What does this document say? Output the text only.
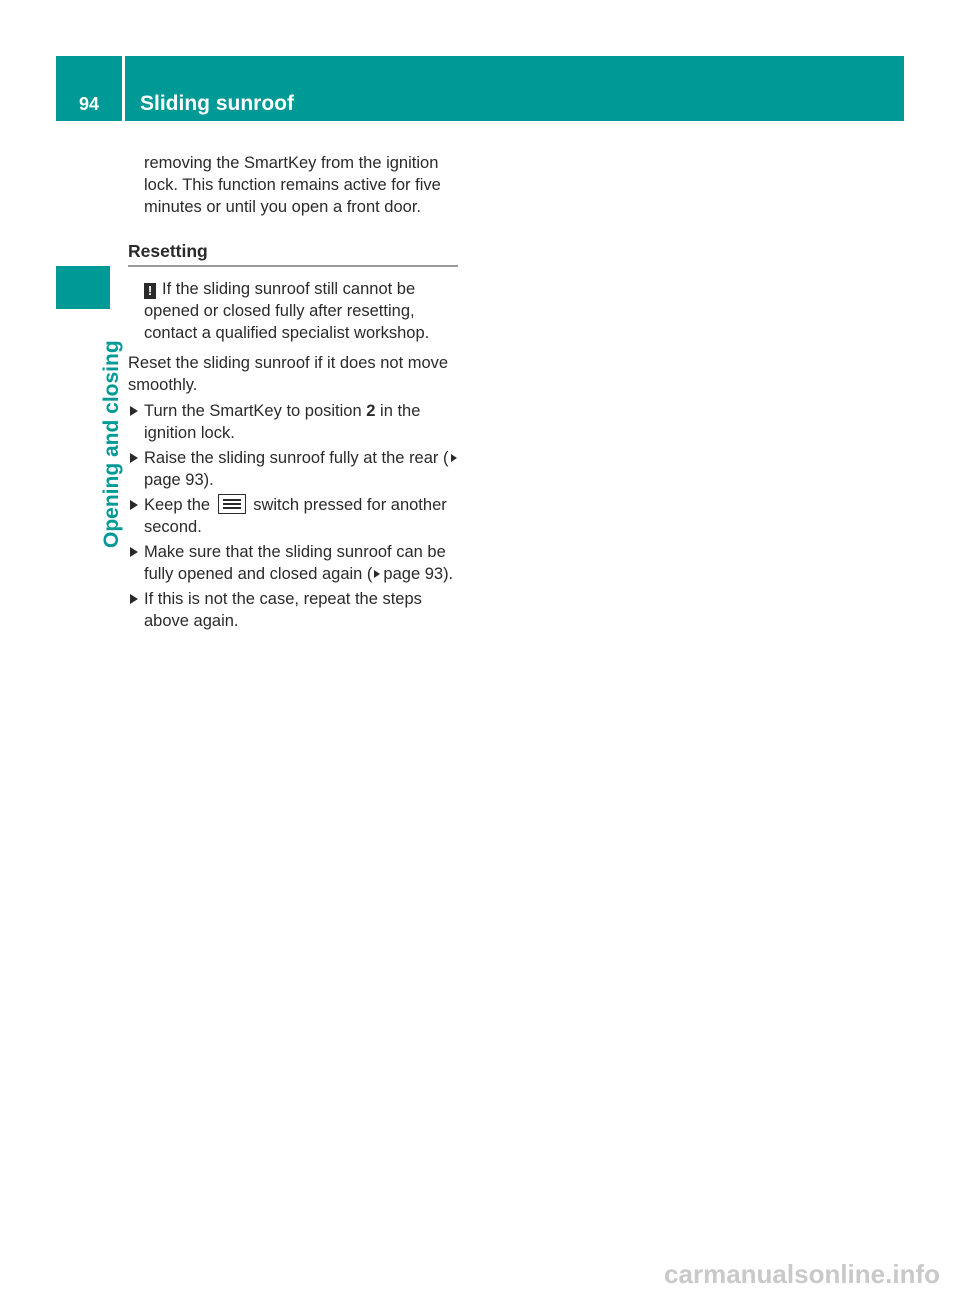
94	Sliding sunroof
Opening and closing

removing the SmartKey from the ignition lock. This function remains active for five minutes or until you open a front door.

Resetting
! If the sliding sunroof still cannot be opened or closed fully after resetting, contact a qualified specialist workshop.

Reset the sliding sunroof if it does not move smoothly.

Turn the SmartKey to position 2 in the ignition lock.
Raise the sliding sunroof fully at the rear (page 93).
Keep the
switch pressed for another second.
Make sure that the sliding sunroof can be fully opened and closed again ( page 93).
If this is not the case, repeat the steps above again.
carmanualsonline.info
